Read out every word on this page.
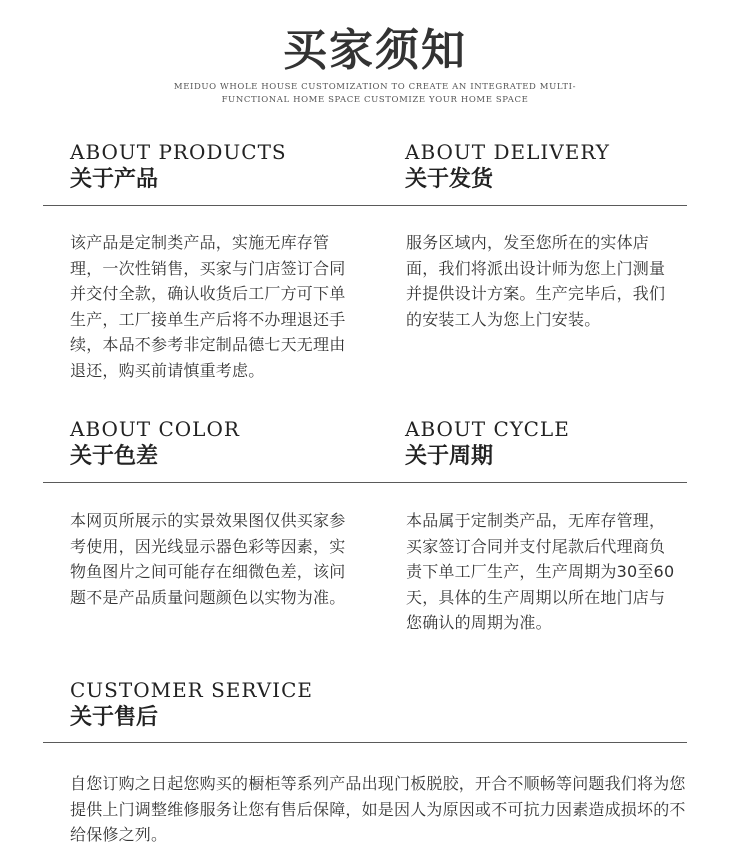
买家须知
MEIDUO WHOLE HOUSE CUSTOMIZATION TO CREATE AN INTEGRATED MULTI-FUNCTIONAL HOME SPACE CUSTOMIZE YOUR HOME SPACE
ABOUT PRODUCTS
关于产品
ABOUT DELIVERY
关于发货
该产品是定制类产品，实施无库存管理，一次性销售，买家与门店签订合同并交付全款，确认收货后工厂方可下单生产，工厂接单生产后将不办理退还手续，本品不参考非定制品德七天无理由退还，购买前请慎重考虑。
服务区域内，发至您所在的实体店面，我们将派出设计师为您上门测量并提供设计方案。生产完毕后，我们的安装工人为您上门安装。
ABOUT COLOR
关于色差
ABOUT CYCLE
关于周期
本网页所展示的实景效果图仅供买家参考使用，因光线显示器色彩等因素，实物鱼图片之间可能存在细微色差，该问题不是产品质量问题颜色以实物为准。
本品属于定制类产品，无库存管理，买家签订合同并支付尾款后代理商负责下单工厂生产，生产周期为30至60天，具体的生产周期以所在地门店与您确认的周期为准。
CUSTOMER SERVICE
关于售后
自您订购之日起您购买的橱柜等系列产品出现门板脱胶，开合不顺畅等问题我们将为您提供上门调整维修服务让您有售后保障，如是因人为原因或不可抗力因素造成损坏的不给保修之列。
